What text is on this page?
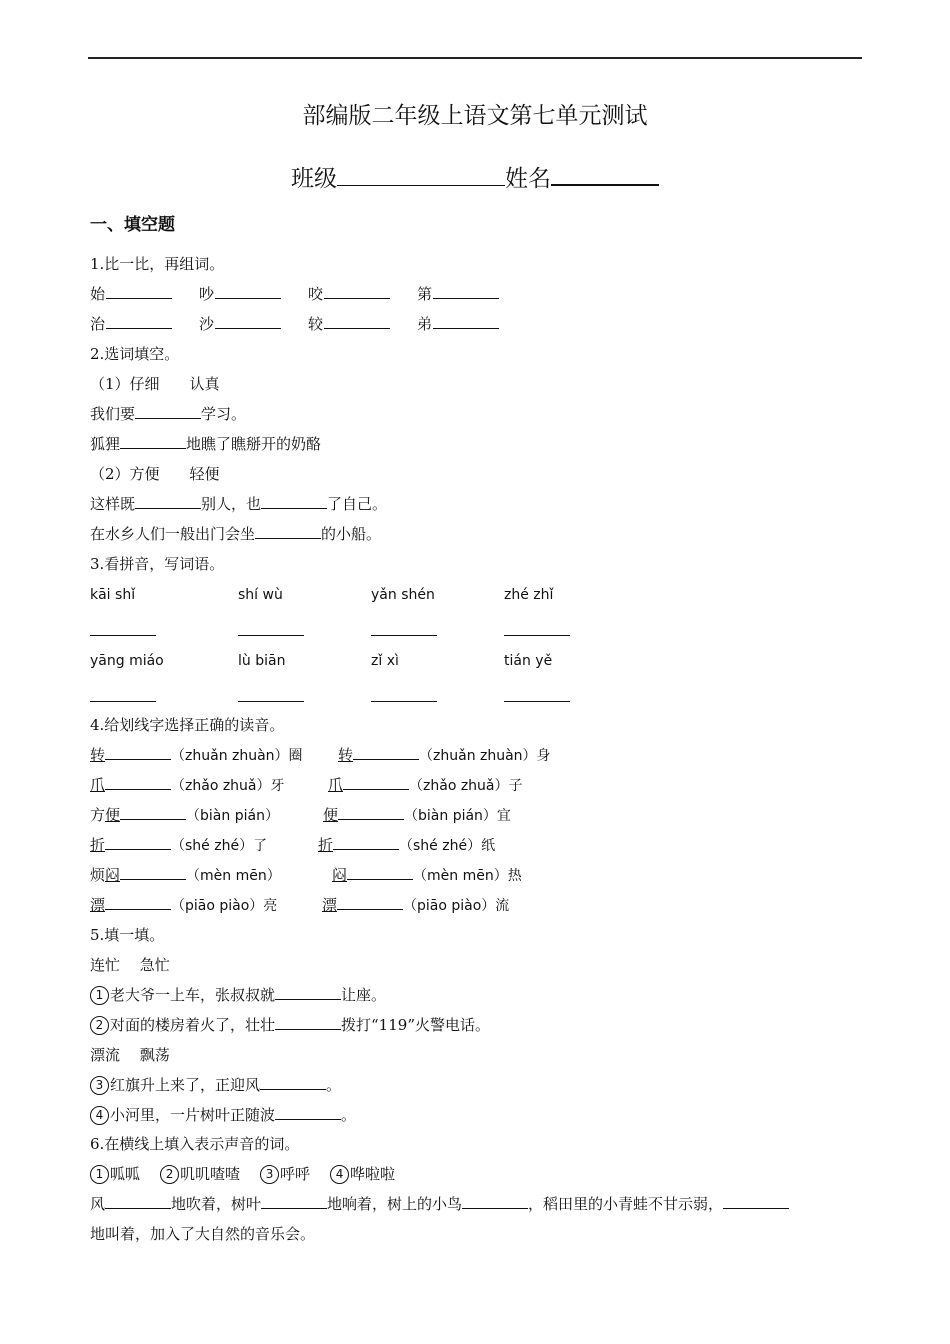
部编版二年级上语文第七单元测试
班级	姓名
一、填空题
1.比一比，再组词。
始	吵	咬	第
治	沙	较	弟
2.选词填空。
（1）仔细　　认真
我们要	学习。
狐狸	地瞧了瞧掰开的奶酪
（2）方便　　轻便
这样既	别人，也	了自己。
在水乡人们一般出门会坐	的小船。
3.看拼音，写词语。
kāi shǐ	shí wù	yǎn shén	zhé zhǐ
yāng miáo	lù biān	zǐ xì	tián yě
4.给划线字选择正确的读音。
转	（zhuǎn zhuàn）圈 转	（zhuǎn zhuàn）身
爪	（zhǎo zhuǎ）牙	爪	（zhǎo zhuǎ）子
方便	（biàn pián）	便	（biàn pián）宜
折	（shé zhé）了	折	（shé zhé）纸
烦闷	（mèn mēn）	闷	（mèn mēn）热
漂	（piāo piào）亮	漂	（piāo piào）流
5.填一填。
连忙　 急忙
1 老大爷一上车，张叔叔就	让座。
2 对面的楼房着火了，壮壮	拨打“119”火警电话。
漂流　 飘荡
3 红旗升上来了，正迎风	。
4 小河里，一片树叶正随波	。
6.在横线上填入表示声音的词。
1 呱呱 2 叽叽喳喳 3 呼呼 4 哗啦啦
风	地吹着，树叶	地响着，树上的小鸟	，稻田里的小青蛙不甘示弱，
地叫着，加入了大自然的音乐会。
